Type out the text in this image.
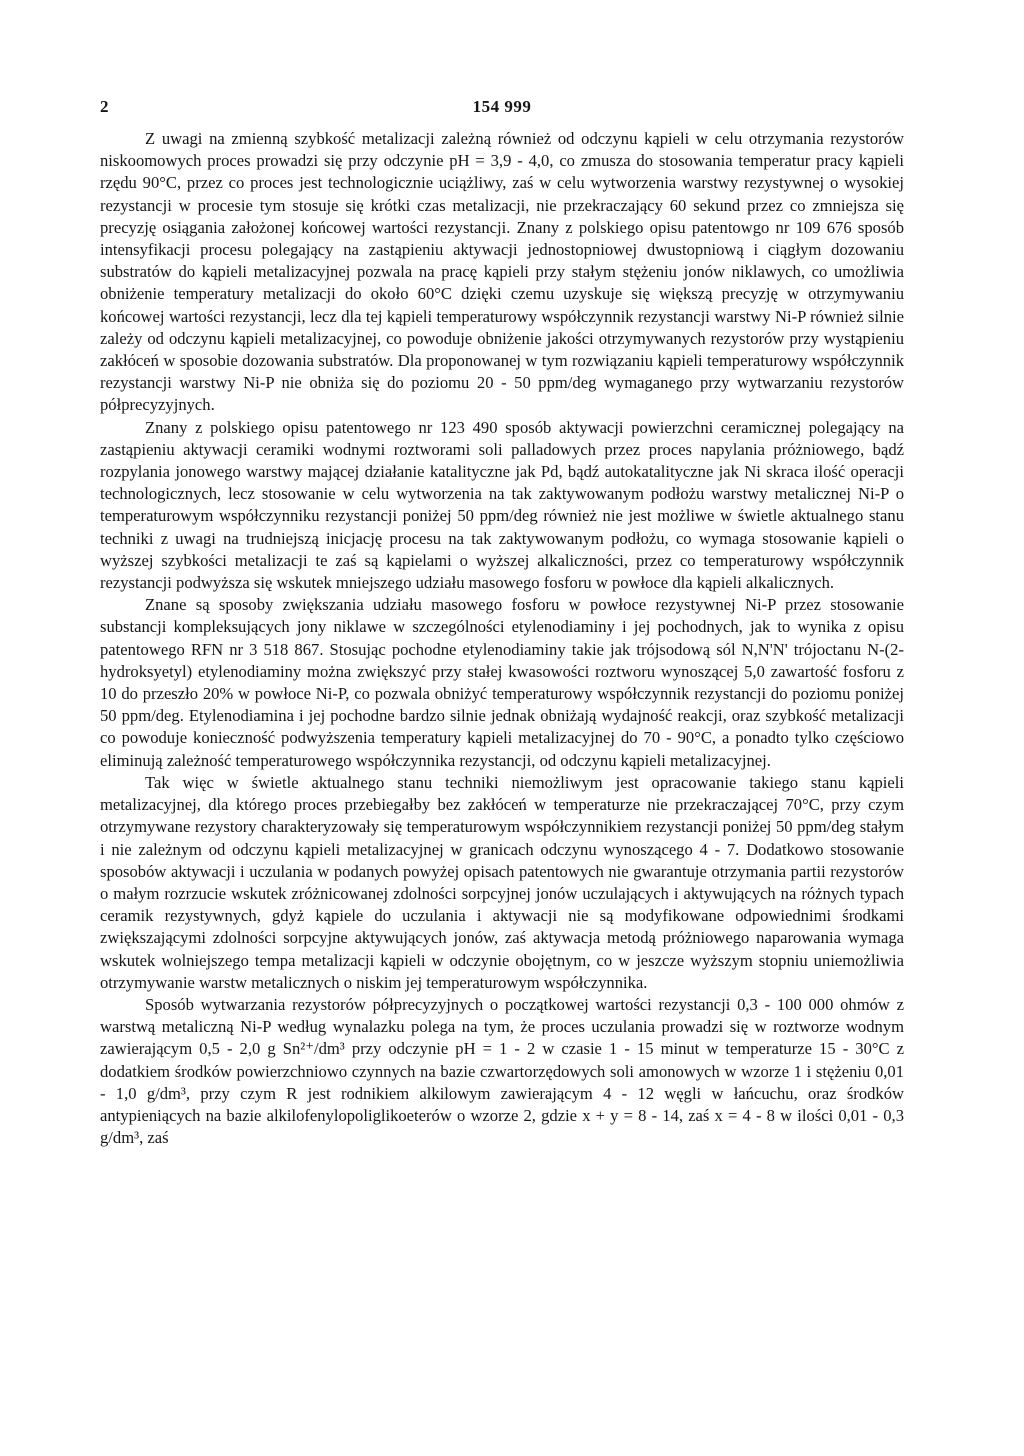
2	154 999

Z uwagi na zmienną szybkość metalizacji zależną również od odczynu kąpieli w celu otrzymania rezystorów niskoomowych proces prowadzi się przy odczynie pH = 3,9 - 4,0, co zmusza do stosowania temperatur pracy kąpieli rzędu 90°C, przez co proces jest technologicznie uciążliwy, zaś w celu wytworzenia warstwy rezystywnej o wysokiej rezystancji w procesie tym stosuje się krótki czas metalizacji, nie przekraczający 60 sekund przez co zmniejsza się precyzję osiągania założonej końcowej wartości rezystancji. Znany z polskiego opisu patentowgo nr 109 676 sposób intensyfikacji procesu polegający na zastąpieniu aktywacji jednostopniowej dwustopniową i ciągłym dozowaniu substratów do kąpieli metalizacyjnej pozwala na pracę kąpieli przy stałym stężeniu jonów niklawych, co umożliwia obniżenie temperatury metalizacji do około 60°C dzięki czemu uzyskuje się większą precyzję w otrzymywaniu końcowej wartości rezystancji, lecz dla tej kąpieli temperaturowy współczynnik rezystancji warstwy Ni-P również silnie zależy od odczynu kąpieli metalizacyjnej, co powoduje obniżenie jakości otrzymywanych rezystorów przy wystąpieniu zakłóceń w sposobie dozowania substratów. Dla proponowanej w tym rozwiązaniu kąpieli temperaturowy współczynnik rezystancji warstwy Ni-P nie obniża się do poziomu 20 - 50 ppm/deg wymaganego przy wytwarzaniu rezystorów półprecyzyjnych.

Znany z polskiego opisu patentowego nr 123 490 sposób aktywacji powierzchni ceramicznej polegający na zastąpieniu aktywacji ceramiki wodnymi roztworami soli palladowych przez proces napylania próżniowego, bądź rozpylania jonowego warstwy mającej działanie katalityczne jak Pd, bądź autokatalityczne jak Ni skraca ilość operacji technologicznych, lecz stosowanie w celu wytworzenia na tak zaktywowanym podłożu warstwy metalicznej Ni-P o temperaturowym współczynniku rezystancji poniżej 50 ppm/deg również nie jest możliwe w świetle aktualnego stanu techniki z uwagi na trudniejszą inicjację procesu na tak zaktywowanym podłożu, co wymaga stosowanie kąpieli o wyższej szybkości metalizacji te zaś są kąpielami o wyższej alkaliczności, przez co temperaturowy współczynnik rezystancji podwyższa się wskutek mniejszego udziału masowego fosforu w powłoce dla kąpieli alkalicznych.

Znane są sposoby zwiększania udziału masowego fosforu w powłoce rezystywnej Ni-P przez stosowanie substancji kompleksujących jony niklawe w szczególności etylenodiaminy i jej pochodnych, jak to wynika z opisu patentowego RFN nr 3 518 867. Stosując pochodne etylenodiaminy takie jak trójsodową sól N,N'N' trójoctanu N-(2-hydroksyetyl) etylenodiaminy można zwiększyć przy stałej kwasowości roztworu wynoszącej 5,0 zawartość fosforu z 10 do przeszło 20% w powłoce Ni-P, co pozwala obniżyć temperaturowy współczynnik rezystancji do poziomu poniżej 50 ppm/deg. Etylenodiamina i jej pochodne bardzo silnie jednak obniżają wydajność reakcji, oraz szybkość metalizacji co powoduje konieczność podwyższenia temperatury kąpieli metalizacyjnej do 70 - 90°C, a ponadto tylko częściowo eliminują zależność temperaturowego współczynnika rezystancji, od odczynu kąpieli metalizacyjnej.

Tak więc w świetle aktualnego stanu techniki niemożliwym jest opracowanie takiego stanu kąpieli metalizacyjnej, dla którego proces przebiegałby bez zakłóceń w temperaturze nie przekraczającej 70°C, przy czym otrzymywane rezystory charakteryzowały się temperaturowym współczynnikiem rezystancji poniżej 50 ppm/deg stałym i nie zależnym od odczynu kąpieli metalizacyjnej w granicach odczynu wynoszącego 4 - 7. Dodatkowo stosowanie sposobów aktywacji i uczulania w podanych powyżej opisach patentowych nie gwarantuje otrzymania partii rezystorów o małym rozrzucie wskutek zróżnicowanej zdolności sorpcyjnej jonów uczulających i aktywujących na różnych typach ceramik rezystywnych, gdyż kąpiele do uczulania i aktywacji nie są modyfikowane odpowiednimi środkami zwiększającymi zdolności sorpcyjne aktywujących jonów, zaś aktywacja metodą próżniowego naparowania wymaga wskutek wolniejszego tempa metalizacji kąpieli w odczynie obojętnym, co w jeszcze wyższym stopniu uniemożliwia otrzymywanie warstw metalicznych o niskim jej temperaturowym współczynnika.

Sposób wytwarzania rezystorów półprecyzyjnych o początkowej wartości rezystancji 0,3 - 100 000 ohmów z warstwą metaliczną Ni-P według wynalazku polega na tym, że proces uczulania prowadzi się w roztworze wodnym zawierającym 0,5 - 2,0 g Sn²⁺/dm³ przy odczynie pH = 1 - 2 w czasie 1 - 15 minut w temperaturze 15 - 30°C z dodatkiem środków powierzchniowo czynnych na bazie czwartorzędowych soli amonowych w wzorze 1 i stężeniu 0,01 - 1,0 g/dm³, przy czym R jest rodnikiem alkilowym zawierającym 4 - 12 węgli w łańcuchu, oraz środków antypieniących na bazie alkilofenylopoliglikoeterów o wzorze 2, gdzie x + y = 8 - 14, zaś x = 4 - 8 w ilości 0,01 - 0,3 g/dm³, zaś
